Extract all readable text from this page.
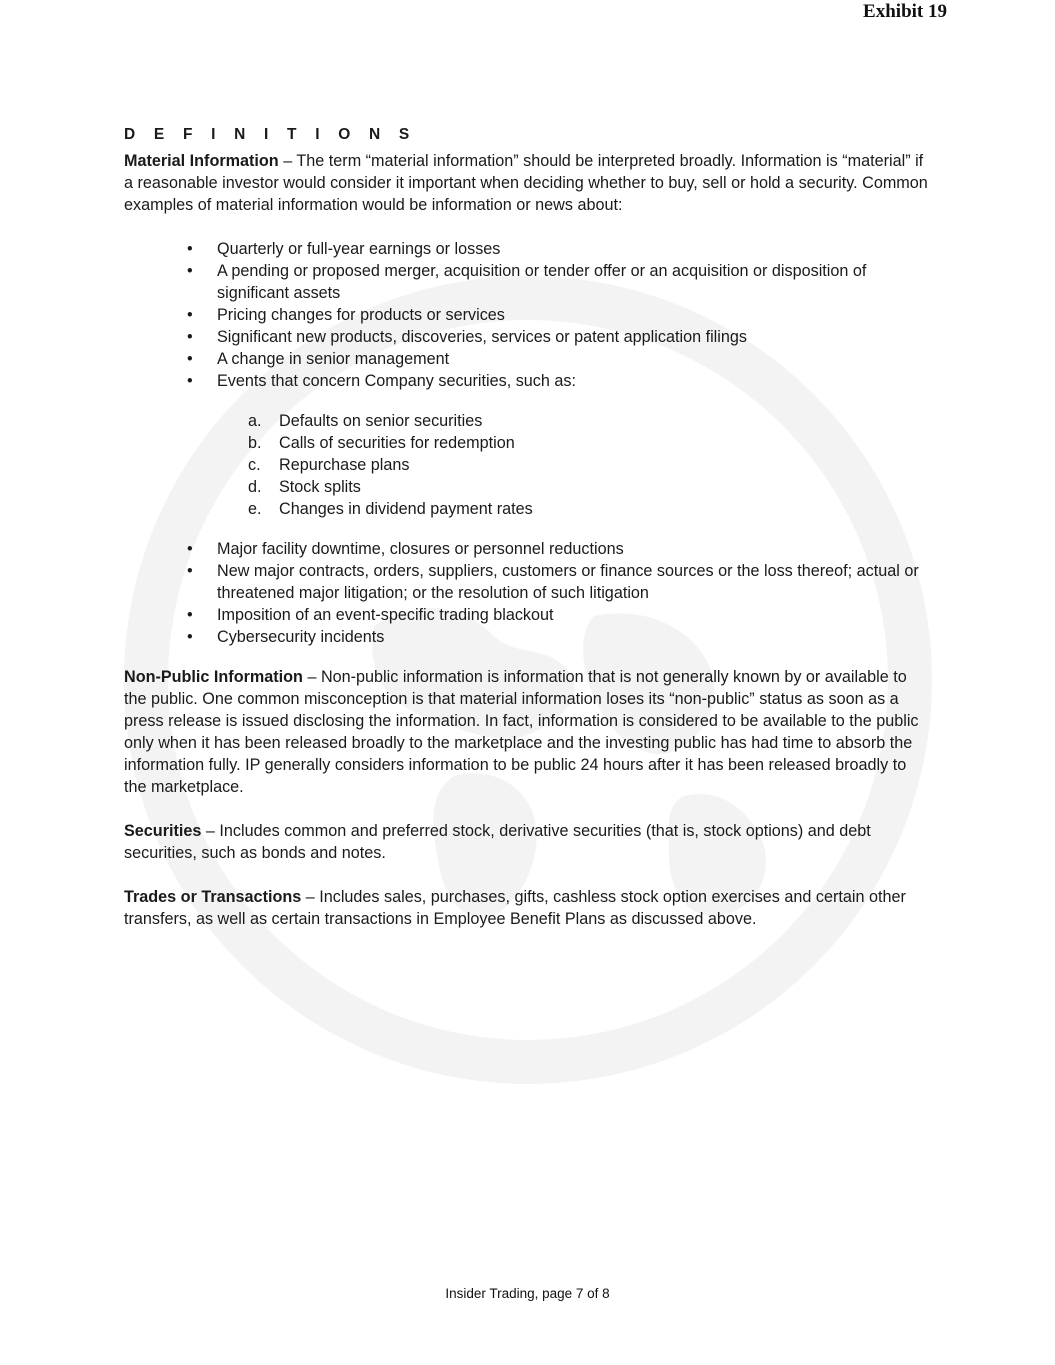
Exhibit 19
D E F I N I T I O N S

Material Information – The term “material information” should be interpreted broadly. Information is “material” if a reasonable investor would consider it important when deciding whether to buy, sell or hold a security. Common examples of material information would be information or news about:

• Quarterly or full-year earnings or losses
• A pending or proposed merger, acquisition or tender offer or an acquisition or disposition of significant assets
• Pricing changes for products or services
• Significant new products, discoveries, services or patent application filings
• A change in senior management
• Events that concern Company securities, such as:
a. Defaults on senior securities
b. Calls of securities for redemption
c. Repurchase plans
d. Stock splits
e. Changes in dividend payment rates
• Major facility downtime, closures or personnel reductions
• New major contracts, orders, suppliers, customers or finance sources or the loss thereof; actual or threatened major litigation; or the resolution of such litigation
• Imposition of an event-specific trading blackout
• Cybersecurity incidents

Non-Public Information – Non-public information is information that is not generally known by or available to the public. One common misconception is that material information loses its “non-public” status as soon as a press release is issued disclosing the information. In fact, information is considered to be available to the public only when it has been released broadly to the marketplace and the investing public has had time to absorb the information fully. IP generally considers information to be public 24 hours after it has been released broadly to the marketplace.

Securities – Includes common and preferred stock, derivative securities (that is, stock options) and debt securities, such as bonds and notes.

Trades or Transactions – Includes sales, purchases, gifts, cashless stock option exercises and certain other transfers, as well as certain transactions in Employee Benefit Plans as discussed above.

Insider Trading, page 7 of 8
